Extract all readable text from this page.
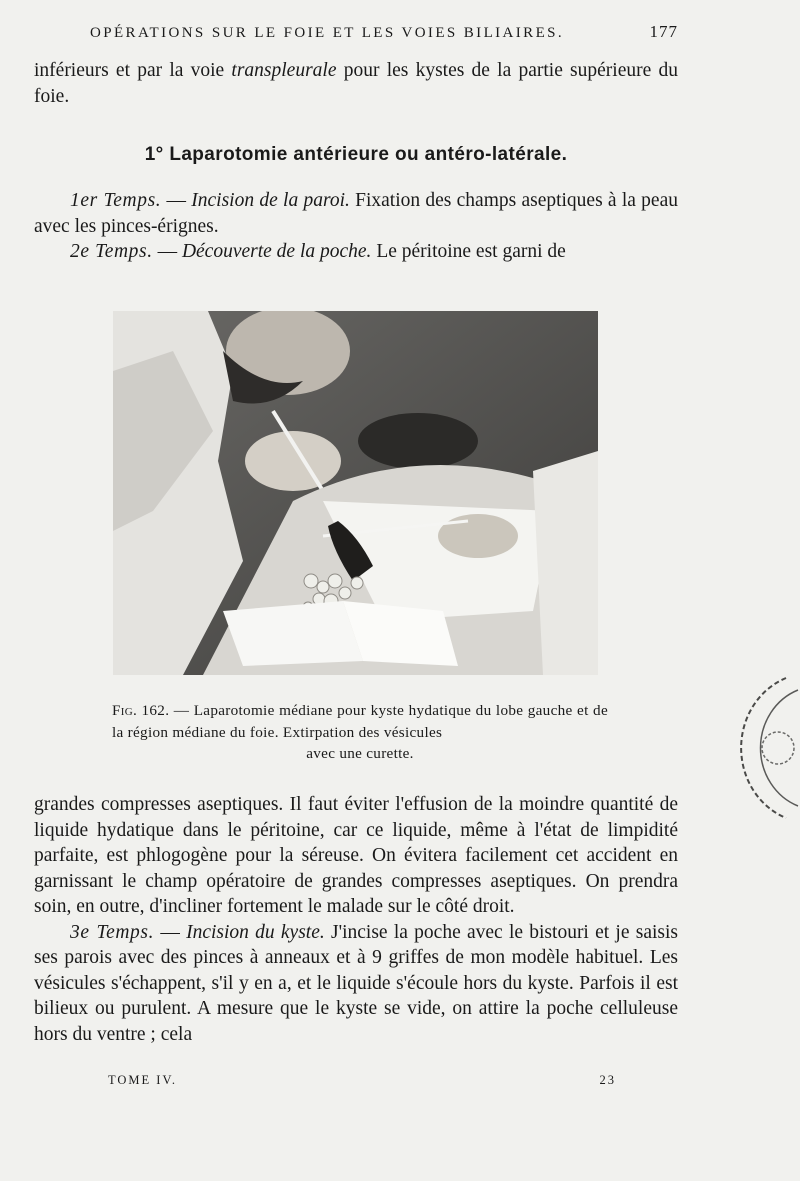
OPÉRATIONS SUR LE FOIE ET LES VOIES BILIAIRES.	177

inférieurs et par la voie transpleurale pour les kystes de la partie supérieure du foie.

1° Laparotomie antérieure ou antéro-latérale.

1er Temps. — Incision de la paroi. Fixation des champs aseptiques à la peau avec les pinces-érignes.

2e Temps. — Découverte de la poche. Le péritoine est garni de

Fig. 162. — Laparotomie médiane pour kyste hydatique du lobe gauche et de la région médiane du foie. Extirpation des vésicules
avec une curette.

grandes compresses aseptiques. Il faut éviter l'effusion de la moindre quantité de liquide hydatique dans le péritoine, car ce liquide, même à l'état de limpidité parfaite, est phlogogène pour la séreuse. On évitera facilement cet accident en garnissant le champ opératoire de grandes compresses aseptiques. On prendra soin, en outre, d'incliner fortement le malade sur le côté droit.

3e Temps. — Incision du kyste. J'incise la poche avec le bistouri et je saisis ses parois avec des pinces à anneaux et à 9 griffes de mon modèle habituel. Les vésicules s'échappent, s'il y en a, et le liquide s'écoule hors du kyste. Parfois il est bilieux ou purulent. A mesure que le kyste se vide, on attire la poche celluleuse hors du ventre ; cela

TOME IV.	23
